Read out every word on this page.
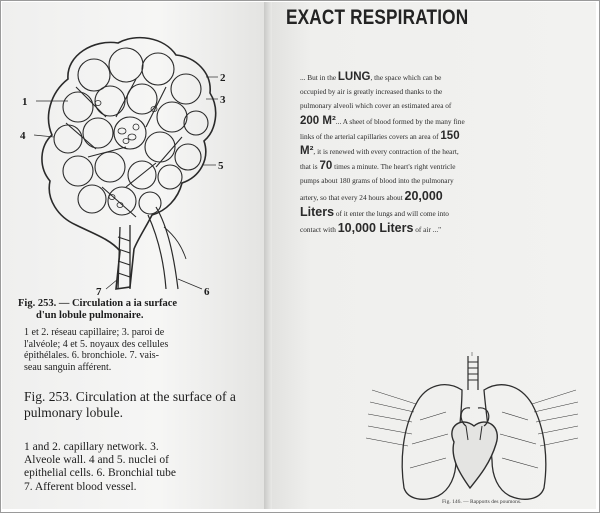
1
2
3
4
5
7	6
Fig. 253. — Circulation a ia surface
d'un lobule pulmonaire.
1 et 2. réseau capillaire; 3. paroi de
l'alvéole; 4 et 5. noyaux des cellules
épithélales. 6. bronchiole. 7. vais-
seau sanguin afférent.
Fig. 253. Circulation at the surface of a pulmonary lobule.
1 and 2. capillary network. 3.
Alveole wall. 4 and 5. nuclei of
epithelial cells. 6. Bronchial tube
7. Afferent blood vessel.
EXACT RESPIRATION
... But in the LUNG, the space which can be occupied by air is greatly increased thanks to the pulmonary alveoli which cover an estimated area of 200 M²... A sheet of blood formed by the many fine links of the arterial capillaries covers an area of 150 M², it is renewed with every contraction of the heart, that is 70 times a minute. The heart's right ventricle pumps about 180 grams of blood into the pulmonary artery, so that every 24 hours about 20,000 Liters of it enter the lungs and will come into contact with 10,000 Liters of air ..."
Fig. 146. — Rapports des poumons.
